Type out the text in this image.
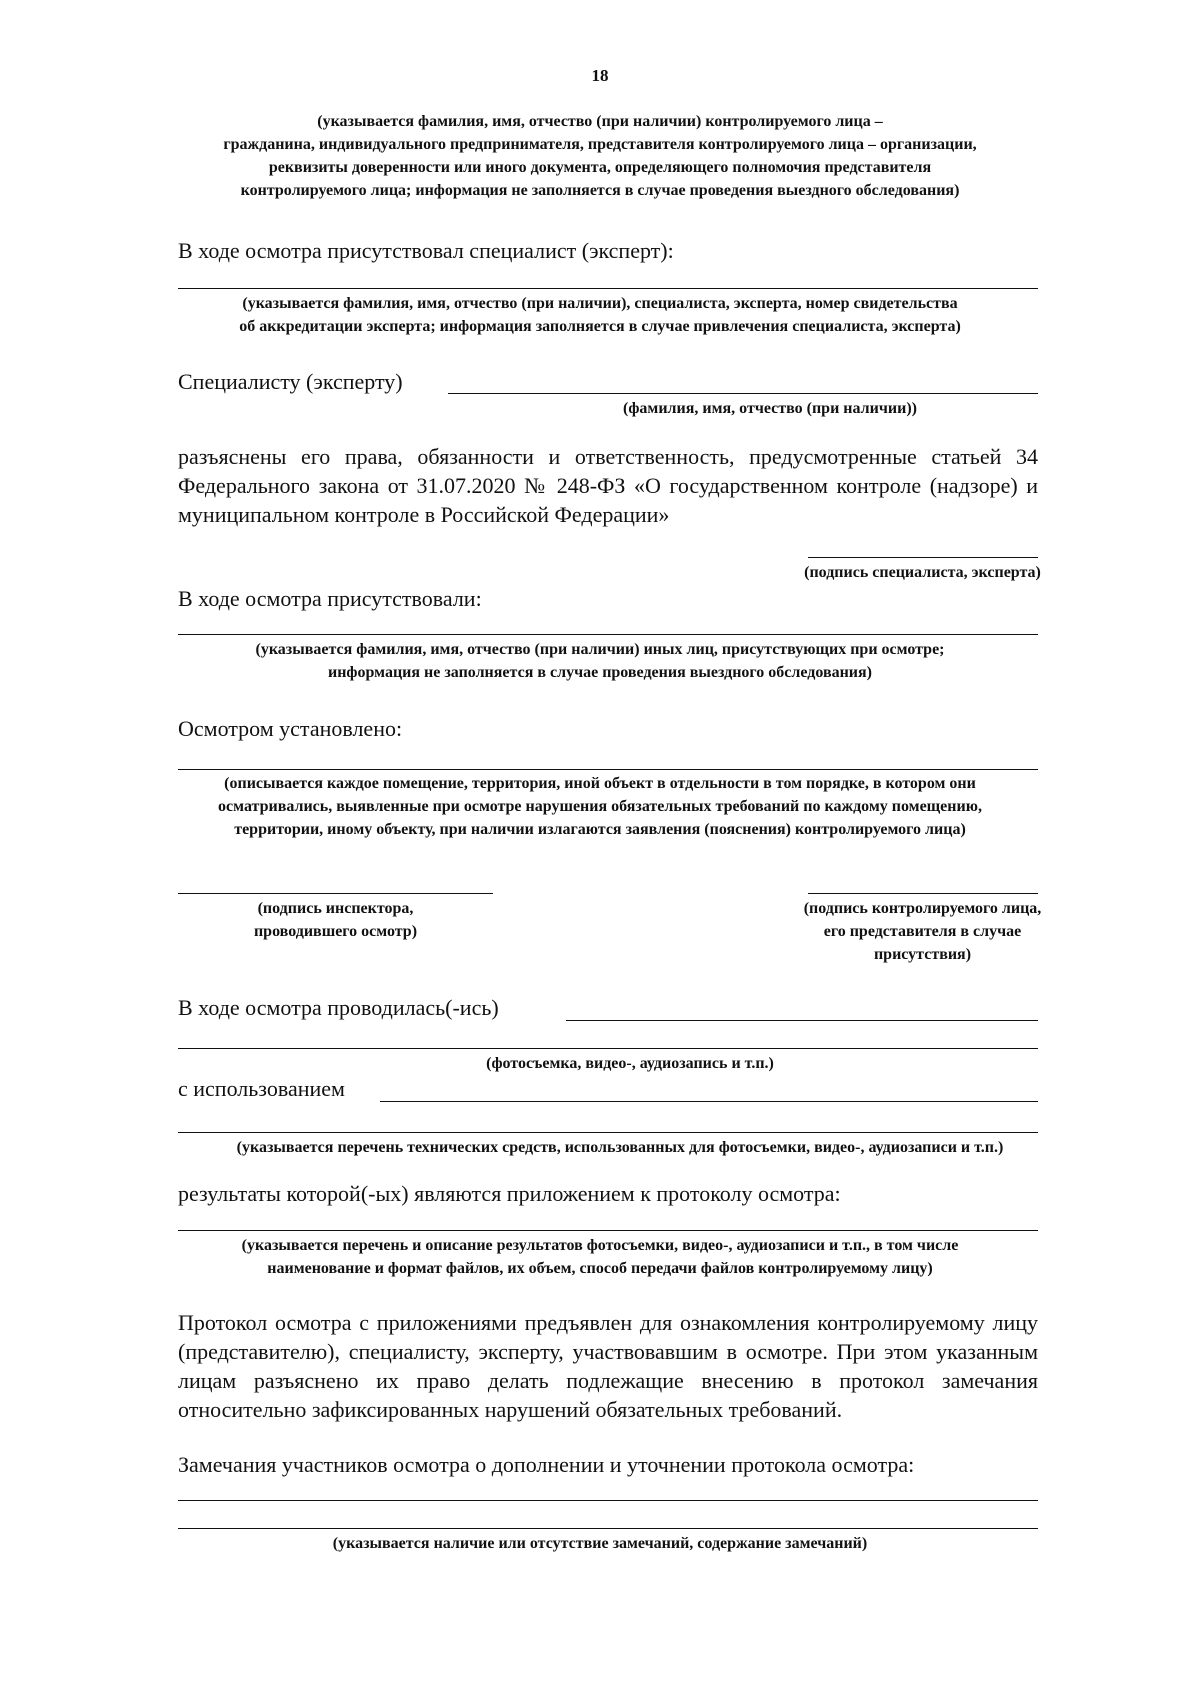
18
(указывается фамилия, имя, отчество (при наличии) контролируемого лица –
гражданина, индивидуального предпринимателя, представителя контролируемого лица – организации,
реквизиты доверенности или иного документа, определяющего полномочия представителя
контролируемого лица; информация не заполняется в случае проведения выездного обследования)
В ходе осмотра присутствовал специалист (эксперт):
(указывается фамилия, имя, отчество (при наличии), специалиста, эксперта, номер свидетельства
об аккредитации эксперта; информация заполняется в случае привлечения специалиста, эксперта)
Специалисту (эксперту)
(фамилия, имя, отчество (при наличии))
разъяснены его права, обязанности и ответственность, предусмотренные статьей 34 Федерального закона от 31.07.2020 № 248-ФЗ «О государственном контроле (надзоре) и муниципальном контроле в Российской Федерации»
(подпись специалиста, эксперта)
В ходе осмотра присутствовали:
(указывается фамилия, имя, отчество (при наличии) иных лиц, присутствующих при осмотре;
информация не заполняется в случае проведения выездного обследования)
Осмотром установлено:
(описывается каждое помещение, территория, иной объект в отдельности в том порядке, в котором они
осматривались, выявленные при осмотре нарушения обязательных требований по каждому помещению,
территории, иному объекту, при наличии излагаются заявления (пояснения) контролируемого лица)
(подпись инспектора,
проводившего осмотр)
(подпись контролируемого лица,
его представителя в случае
присутствия)
В ходе осмотра проводилась(-ись)
(фотосъемка, видео-, аудиозапись и т.п.)
с использованием
(указывается перечень технических средств, использованных для фотосъемки, видео-, аудиозаписи и т.п.)
результаты которой(-ых) являются приложением к протоколу осмотра:
(указывается перечень и описание результатов фотосъемки, видео-, аудиозаписи и т.п., в том числе
наименование и формат файлов, их объем, способ передачи файлов контролируемому лицу)
Протокол осмотра с приложениями предъявлен для ознакомления контролируемому лицу (представителю), специалисту, эксперту, участвовавшим в осмотре. При этом указанным лицам разъяснено их право делать подлежащие внесению в протокол замечания относительно зафиксированных нарушений обязательных требований.
Замечания участников осмотра о дополнении и уточнении протокола осмотра:
(указывается наличие или отсутствие замечаний, содержание замечаний)
